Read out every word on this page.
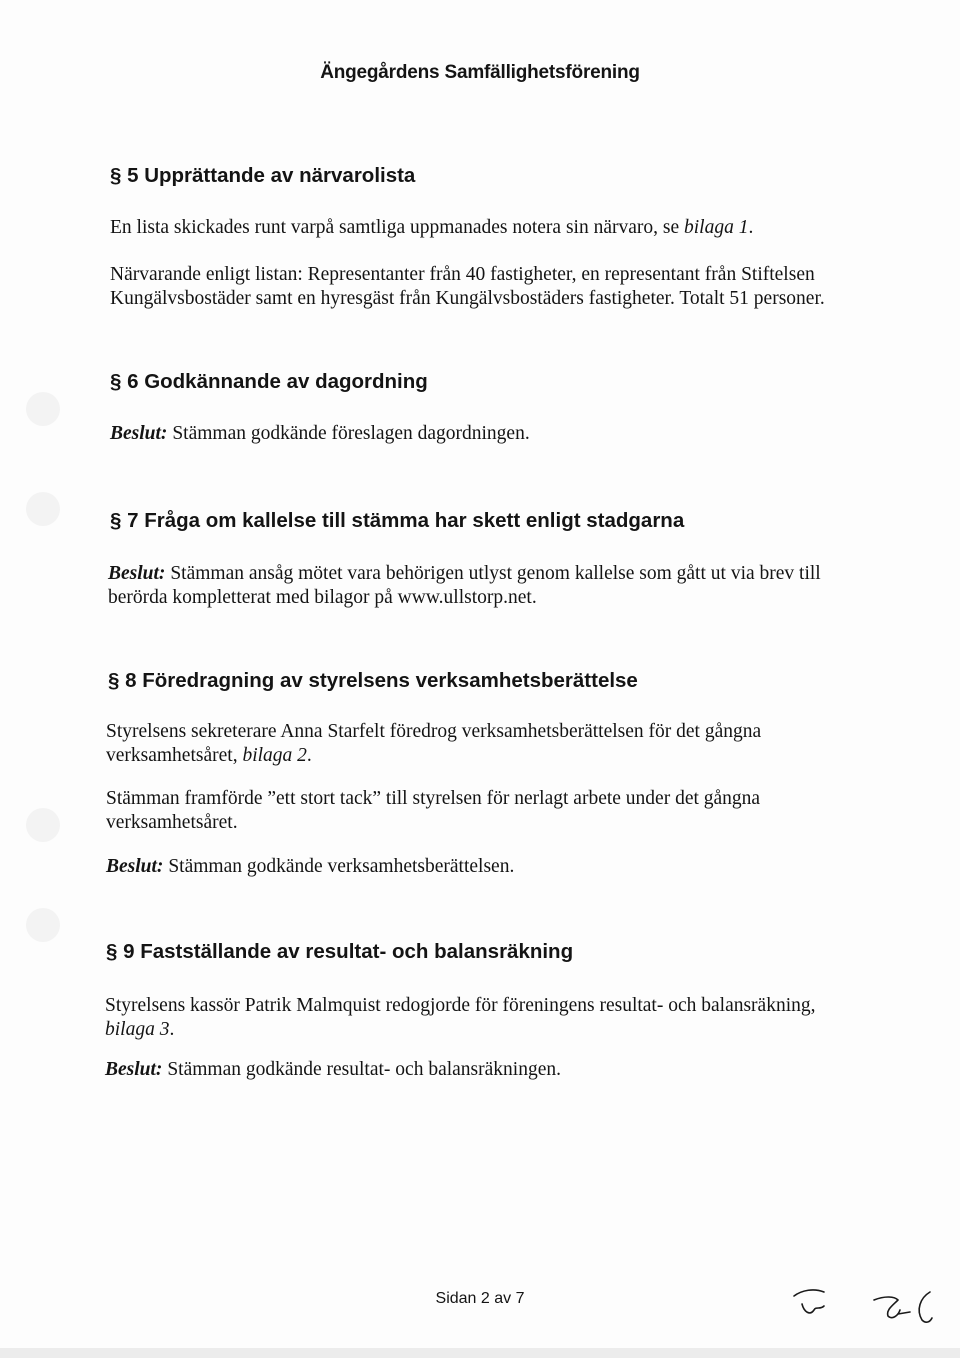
Ängegårdens Samfällighetsförening
§ 5 Upprättande av närvarolista
En lista skickades runt varpå samtliga uppmanades notera sin närvaro, se bilaga 1.
Närvarande enligt listan: Representanter från 40 fastigheter, en representant från Stiftelsen
Kungälvsbostäder samt en hyresgäst från Kungälvsbostäders fastigheter. Totalt 51 personer.
§ 6 Godkännande av dagordning
Beslut: Stämman godkände föreslagen dagordningen.
§ 7 Fråga om kallelse till stämma har skett enligt stadgarna
Beslut: Stämman ansåg mötet vara behörigen utlyst genom kallelse som gått ut via brev till
berörda kompletterat med bilagor på www.ullstorp.net.
§ 8 Föredragning av styrelsens verksamhetsberättelse
Styrelsens sekreterare Anna Starfelt föredrog verksamhetsberättelsen för det gångna
verksamhetsåret, bilaga 2.
Stämman framförde ”ett stort tack” till styrelsen för nerlagt arbete under det gångna
verksamhetsåret.
Beslut: Stämman godkände verksamhetsberättelsen.
§ 9 Fastställande av resultat- och balansräkning
Styrelsens kassör Patrik Malmquist redogjorde för föreningens resultat- och balansräkning,
bilaga 3.
Beslut: Stämman godkände resultat- och balansräkningen.
Sidan 2 av 7
